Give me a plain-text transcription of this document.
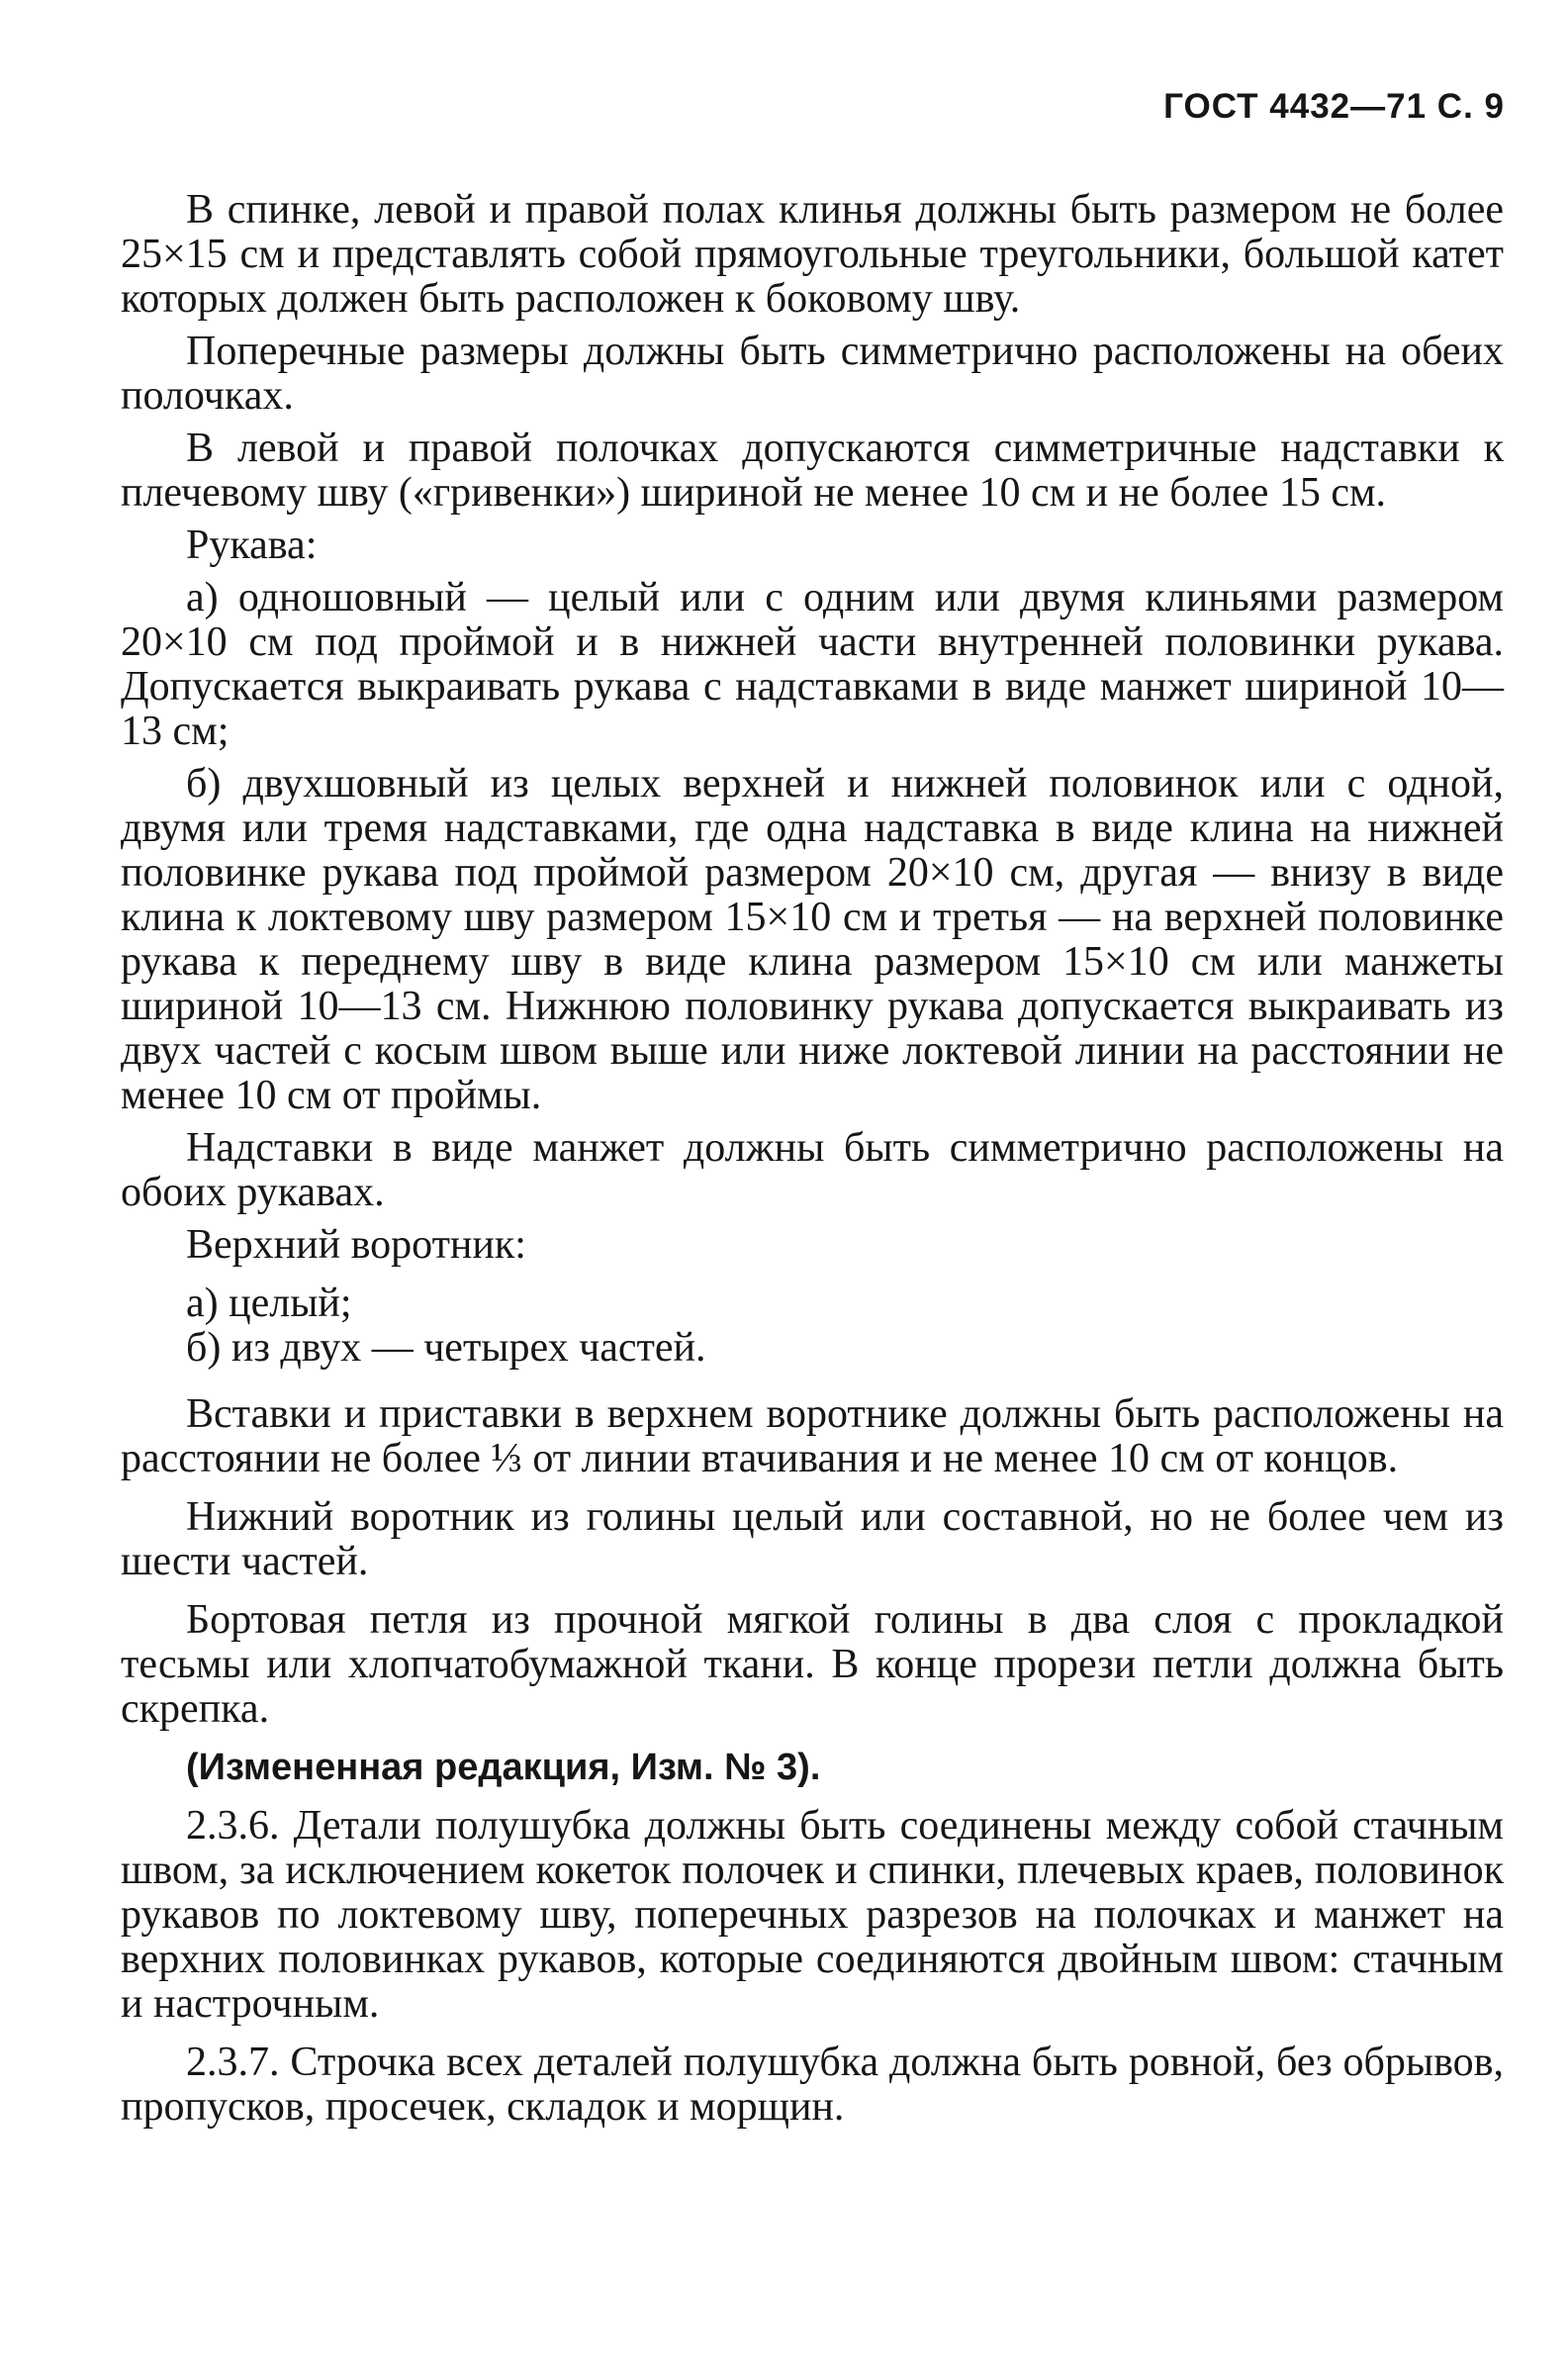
ГОСТ 4432—71 С. 9

В спинке, левой и правой полах клинья должны быть размером не более 25×15 см и представлять собой прямоугольные треугольники, большой катет которых должен быть расположен к боковому шву.

Поперечные размеры должны быть симметрично расположены на обеих полочках.

В левой и правой полочках допускаются симметричные надставки к плечевому шву («гривенки») шириной не менее 10 см и не более 15 см.

Рукава:

а) одношовный — целый или с одним или двумя клиньями размером 20×10 см под проймой и в нижней части внутренней половинки рукава. Допускается выкраивать рукава с надставками в виде манжет шириной 10—13 см;

б) двухшовный из целых верхней и нижней половинок или с одной, двумя или тремя надставками, где одна надставка в виде клина на нижней половинке рукава под проймой размером 20×10 см, другая — внизу в виде клина к локтевому шву размером 15×10 см и третья — на верхней половинке рукава к переднему шву в виде клина размером 15×10 см или манжеты шириной 10—13 см. Нижнюю половинку рукава допускается выкраивать из двух частей с косым швом выше или ниже локтевой линии на расстоянии не менее 10 см от проймы.

Надставки в виде манжет должны быть симметрично расположены на обоих рукавах.

Верхний воротник:

а) целый;

б) из двух — четырех частей.

Вставки и приставки в верхнем воротнике должны быть расположены на расстоянии не более ⅓ от линии втачивания и не менее 10 см от концов.

Нижний воротник из голины целый или составной, но не более чем из шести частей.

Бортовая петля из прочной мягкой голины в два слоя с прокладкой тесьмы или хлопчатобумажной ткани. В конце прорези петли должна быть скрепка.

(Измененная редакция, Изм. № 3).

2.3.6. Детали полушубка должны быть соединены между собой стачным швом, за исключением кокеток полочек и спинки, плечевых краев, половинок рукавов по локтевому шву, поперечных разрезов на полочках и манжет на верхних половинках рукавов, которые соединяются двойным швом: стачным и настрочным.

2.3.7. Строчка всех деталей полушубка должна быть ровной, без обрывов, пропусков, просечек, складок и морщин.
